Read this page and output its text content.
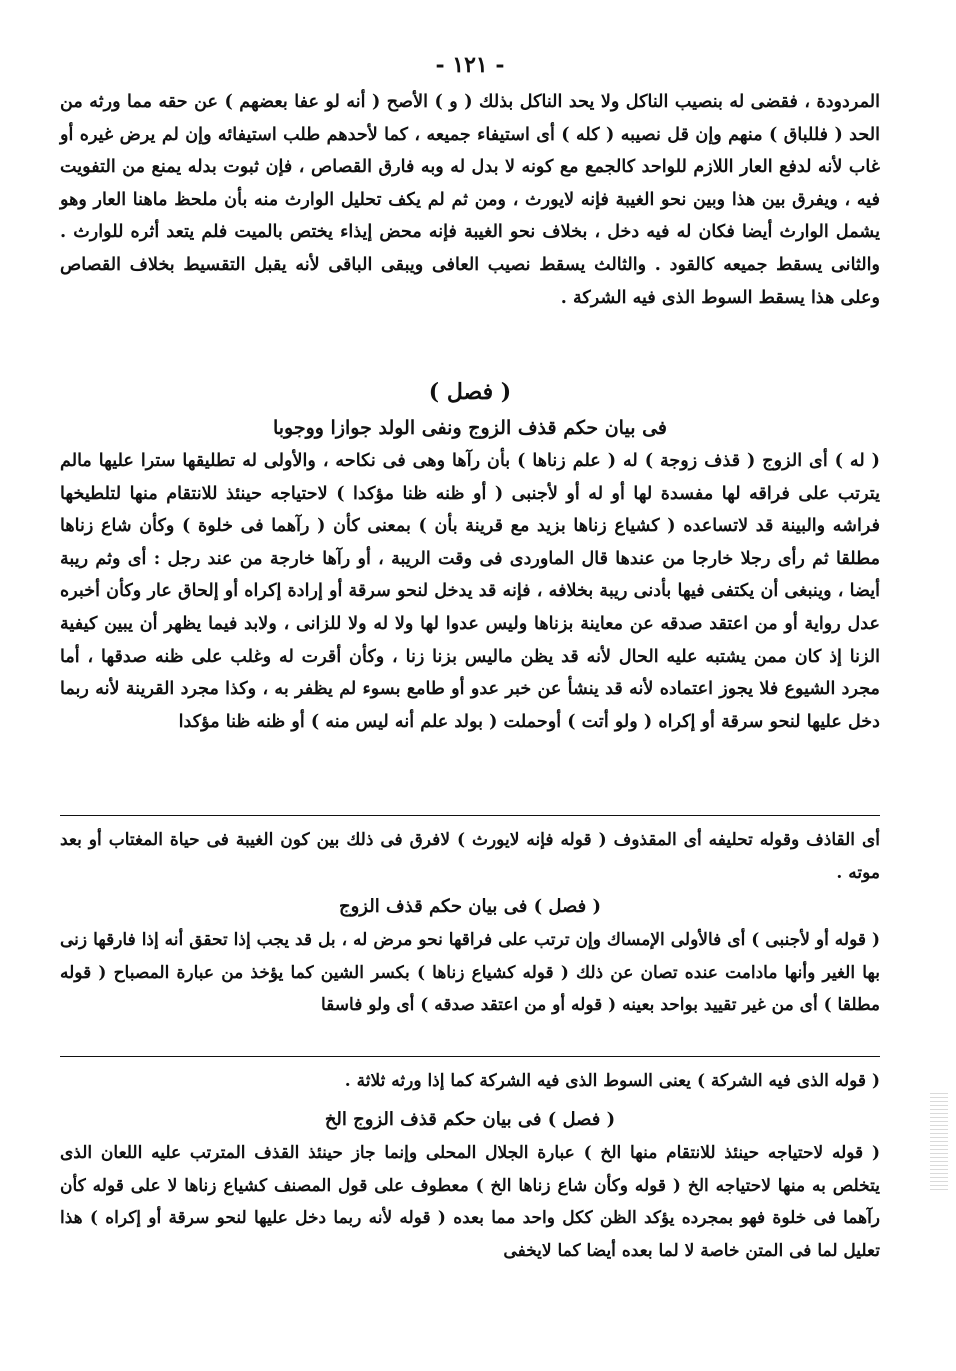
- ١٢١ -

المردودة ، فقضى له بنصيب الناكل ولا يحد الناكل بذلك ( و ) الأصح ( أنه لو عفا بعضهم ) عن حقه مما ورثه من الحد ( فللباق ) منهم وإن قل نصيبه ( كله ) أى استيفاء جميعه ، كما لأحدهم طلب استيفائه وإن لم يرض غيره أو غاب لأنه لدفع العار اللازم للواحد كالجمع مع كونه لا بدل له وبه فارق القصاص ، فإن ثبوت بدله يمنع من التفويت فيه ، ويفرق بين هذا وبين نحو الغيبة فإنه لايورث ، ومن ثم لم يكف تحليل الوارث منه بأن ملحظ ماهنا العار وهو يشمل الوارث أيضا فكان له فيه دخل ، بخلاف نحو الغيبة فإنه محض إيذاء يختص بالميت فلم يتعد أثره للوارث . والثانى يسقط جميعه كالقود . والثالث يسقط نصيب العافى ويبقى الباقى لأنه يقبل التقسيط بخلاف القصاص وعلى هذا يسقط السوط الذى فيه الشركة .

( فصل )
فى بيان حكم قذف الزوج ونفى الولد جوازا ووجوبا

( له ) أى الزوج ( قذف زوجة ) له ( علم زناها ) بأن رآها وهى فى نكاحه ، والأولى له تطليقها سترا عليها مالم يترتب على فراقه لها مفسدة لها أو له أو لأجنبى ( أو ظنه ظنا مؤكدا ) لاحتياجه حينئذ للانتقام منها لتلطيخها فراشه والبينة قد لاتساعده ( كشياع زناها بزيد مع قرينة بأن ) بمعنى كأن ( رآهما فى خلوة ) وكأن شاع زناها مطلقا ثم رأى رجلا خارجا من عندها قال الماوردى فى وقت الريبة ، أو رآها خارجة من عند رجل : أى وثم ريبة أيضا ، وينبغى أن يكتفى فيها بأدنى ريبة بخلافه ، فإنه قد يدخل لنحو سرقة أو إرادة إكراه أو إلحاق عار وكأن أخبره عدل رواية أو من اعتقد صدقه عن معاينة بزناها وليس عدوا لها ولا له ولا للزانى ، ولابد فيما يظهر أن يبين كيفية الزنا إذ كان ممن يشتبه عليه الحال لأنه قد يظن ماليس بزنا زنا ، وكأن أقرت له وغلب على ظنه صدقها ، أما مجرد الشيوع فلا يجوز اعتماده لأنه قد ينشأ عن خبر عدو أو طامع بسوء لم يظفر به ، وكذا مجرد القرينة لأنه ربما دخل عليها لنحو سرقة أو إكراه ( ولو أتت ) أوحملت ( بولد علم أنه ليس منه ) أو ظنه ظنا مؤكدا

أى القاذف وقوله تحليفه أى المقذوف ( قوله فإنه لايورث ) لافرق فى ذلك بين كون الغيبة فى حياة المغتاب أو بعد موته .

( فصل ) فى بيان حكم قذف الزوج

( قوله أو لأجنبى ) أى فالأولى الإمساك وإن ترتب على فراقها نحو مرض له ، بل قد يجب إذا تحقق أنه إذا فارقها زنى بها الغير وأنها مادامت عنده تصان عن ذلك ( قوله كشياع زناها ) بكسر الشين كما يؤخذ من عبارة المصباح ( قوله مطلقا ) أى من غير تقييد بواحد بعينه ( قوله أو من اعتقد صدقه ) أى ولو فاسقا

( قوله الذى فيه الشركة ) يعنى السوط الذى فيه الشركة كما إذا ورثه ثلاثة .

( فصل ) فى بيان حكم قذف الزوج الخ

( قوله لاحتياجه حينئذ للانتقام منها الخ ) عبارة الجلال المحلى وإنما جاز حينئذ القذف المترتب عليه اللعان الذى يتخلص به منها لاحتياجه الخ ( قوله وكأن شاع زناها الخ ) معطوف على قول المصنف كشياع زناها لا على قوله كأن رآهما فى خلوة فهو بمجرده يؤكد الظن ككل واحد مما بعده ( قوله لأنه ربما دخل عليها لنحو سرقة أو إكراه ) هذا تعليل لما فى المتن خاصة لا لما بعده أيضا كما لايخفى
